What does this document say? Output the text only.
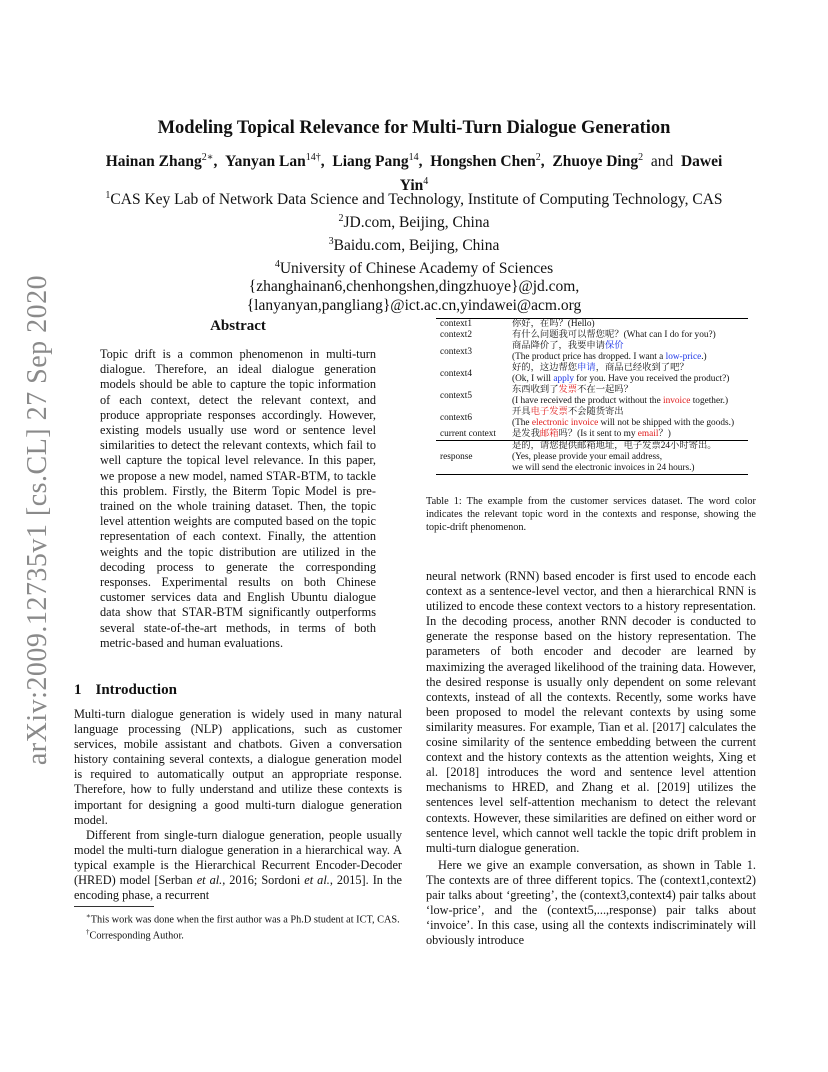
arXiv:2009.12735v1 [cs.CL] 27 Sep 2020
Modeling Topical Relevance for Multi-Turn Dialogue Generation
Hainan Zhang$^{2∗}$,  Yanyan Lan$^{14\dagger}$,  Liang Pang$^{14}$,  Hongshen Chen$^2$,  Zhuoye Ding$^2$ and Dawei
Yin$^4$
$^1$CAS Key Lab of Network Data Science and Technology, Institute of Computing Technology, CAS
$^2$JD.com, Beijing, China
$^3$Baidu.com, Beijing, China
$^4$University of Chinese Academy of Sciences
{zhanghainan6,chenhongshen,dingzhuoye}@jd.com,
{lanyanyan,pangliang}@ict.ac.cn,yindawei@acm.org
Abstract
Topic drift is a common phenomenon in multi-turn dialogue. Therefore, an ideal dialogue generation models should be able to capture the topic information of each context, detect the relevant context, and produce appropriate responses accordingly. However, existing models usually use word or sentence level similarities to detect the relevant contexts, which fail to well capture the topical level relevance. In this paper, we propose a new model, named STAR-BTM, to tackle this problem. Firstly, the Biterm Topic Model is pre-trained on the whole training dataset. Then, the topic level attention weights are computed based on the topic representation of each context. Finally, the attention weights and the topic distribution are utilized in the decoding process to generate the corresponding responses. Experimental results on both Chinese customer services data and English Ubuntu dialogue data show that STAR-BTM significantly outperforms several state-of-the-art methods, in terms of both metric-based and human evaluations.
1 Introduction

Multi-turn dialogue generation is widely used in many natural language processing (NLP) applications, such as customer services, mobile assistant and chatbots. Given a conversation history containing several contexts, a dialogue generation model is required to automatically output an appropriate response. Therefore, how to fully understand and utilize these contexts is important for designing a good multi-turn dialogue generation model.

Different from single-turn dialogue generation, people usually model the multi-turn dialogue generation in a hierarchical way. A typical example is the Hierarchical Recurrent Encoder-Decoder (HRED) model [Serban et al., 2016; Sordoni et al., 2015]. In the encoding phase, a recurrent

∗This work was done when the first author was a Ph.D student at ICT, CAS.

†Corresponding Author.

context1	你好，在吗？(Hello)
context2	有什么问题我可以帮您呢？(What can I do for you?)
context3	商品降价了，我要申请保价
(The product price has dropped. I want a low-price.)
context4	好的，这边帮您申请，商品已经收到了吧？
(Ok, I will apply for you. Have you received the product?)
context5	东西收到了发票不在一起吗？
(I have received the product without the invoice together.)
context6	开具电子发票不会随货寄出
(The electronic invoice will not be shipped with the goods.)
current context	是发我邮箱吗？(Is it sent to my email？)
response	是的，请您提供邮箱地址，电子发票24小时寄出。
(Yes, please provide your email address,
we will send the electronic invoices in 24 hours.)
Table 1: The example from the customer services dataset. The word color indicates the relevant topic word in the contexts and response, showing the topic-drift phenomenon.

neural network (RNN) based encoder is first used to encode each context as a sentence-level vector, and then a hierarchical RNN is utilized to encode these context vectors to a history representation. In the decoding process, another RNN decoder is conducted to generate the response based on the history representation. The parameters of both encoder and decoder are learned by maximizing the averaged likelihood of the training data. However, the desired response is usually only dependent on some relevant contexts, instead of all the contexts. Recently, some works have been proposed to model the relevant contexts by using some similarity measures. For example, Tian et al. [2017] calculates the cosine similarity of the sentence embedding between the current context and the history contexts as the attention weights, Xing et al. [2018] introduces the word and sentence level attention mechanisms to HRED, and Zhang et al. [2019] utilizes the sentences level self-attention mechanism to detect the relevant contexts. However, these similarities are defined on either word or sentence level, which cannot well tackle the topic drift problem in multi-turn dialogue generation.

Here we give an example conversation, as shown in Table 1. The contexts are of three different topics. The (context1,context2) pair talks about ‘greeting’, the (context3,context4) pair talks about ‘low-price’, and the (context5,...,response) pair talks about ‘invoice’. In this case, using all the contexts indiscriminately will obviously introduce
